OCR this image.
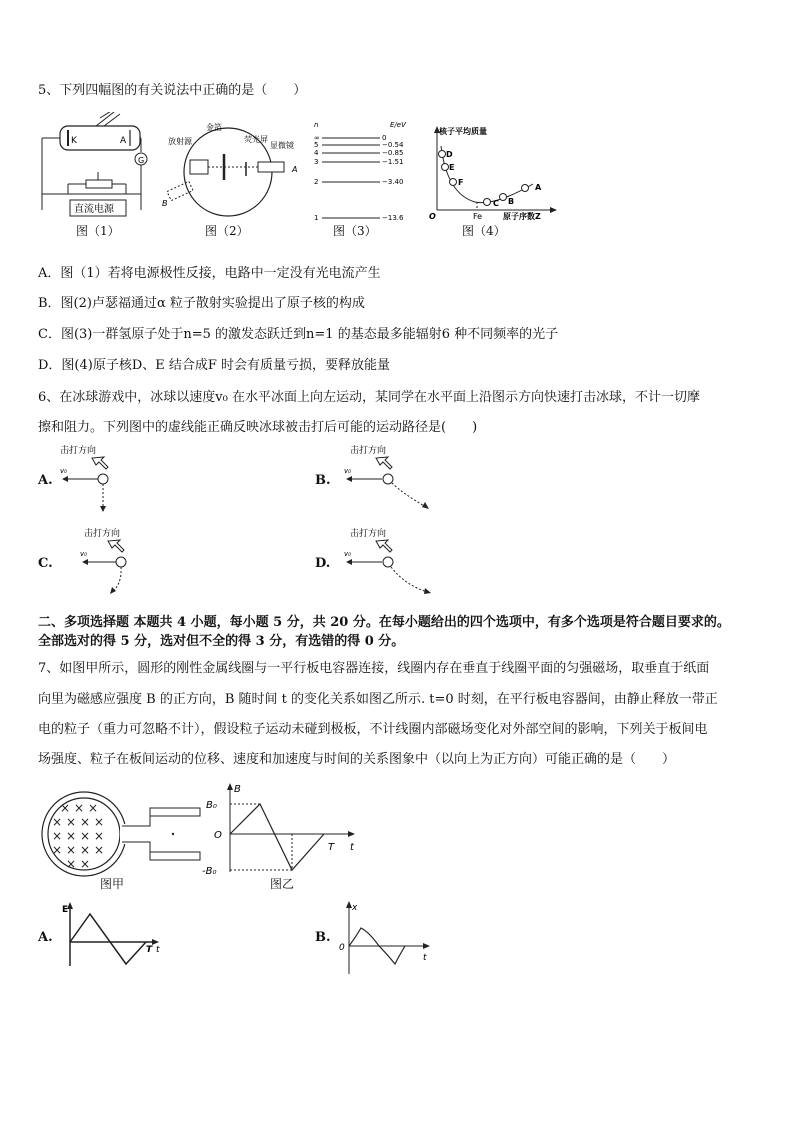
5、下列四幅图的有关说法中正确的是（　　）
K	A
G
直流电源
图（1）
金箔
荧光屏
显微镜
放射源
A
B
图（2）
n	E/eV
∞	0
5	−0.54
4	−0.85
3	−1.51
2	−3.40
1	−13.6
图（3）
核子平均质量
原子序数Z
O	Fe
D
E
F
C B
A
图（4）
A．图（1）若将电源极性反接，电路中一定没有光电流产生
B．图(2)卢瑟福通过α 粒子散射实验提出了原子核的构成
C．图(3)一群氢原子处于n=5 的激发态跃迁到n=1 的基态最多能辐射6 种不同频率的光子
D．图(4)原子核D、E 结合成F 时会有质量亏损，要释放能量
6、在冰球游戏中，冰球以速度v₀ 在水平冰面上向左运动，某同学在水平面上沿图示方向快速打击冰球，不计一切摩
擦和阻力。下列图中的虚线能正确反映冰球被击打后可能的运动路径是(　　)
A.
击打方向
v₀
B.
击打方向
v₀
C.
击打方向
v₀
D.
击打方向
v₀
二、多项选择题 本题共 4 小题，每小题 5 分，共 20 分。在每小题给出的四个选项中，有多个选项是符合题目要求的。
全部选对的得 5 分，选对但不全的得 3 分，有选错的得 0 分。
7、如图甲所示，圆形的刚性金属线圈与一平行板电容器连接，线圈内存在垂直于线圈平面的匀强磁场，取垂直于纸面
向里为磁感应强度 B 的正方向，B 随时间 t 的变化关系如图乙所示. t=0 时刻，在平行板电容器间，由静止释放一带正
电的粒子（重力可忽略不计），假设粒子运动未碰到极板，不计线圈内部磁场变化对外部空间的影响，下列关于板间电
场强度、粒子在板间运动的位移、速度和加速度与时间的关系图象中（以向上为正方向）可能正确的是（　　）
× × ×
× × × ×
× × × ×
× × × ×
× ×
图甲
B
t
O
B₀
-B₀
T
图乙
A.
E
T t
B.
x
0
t
